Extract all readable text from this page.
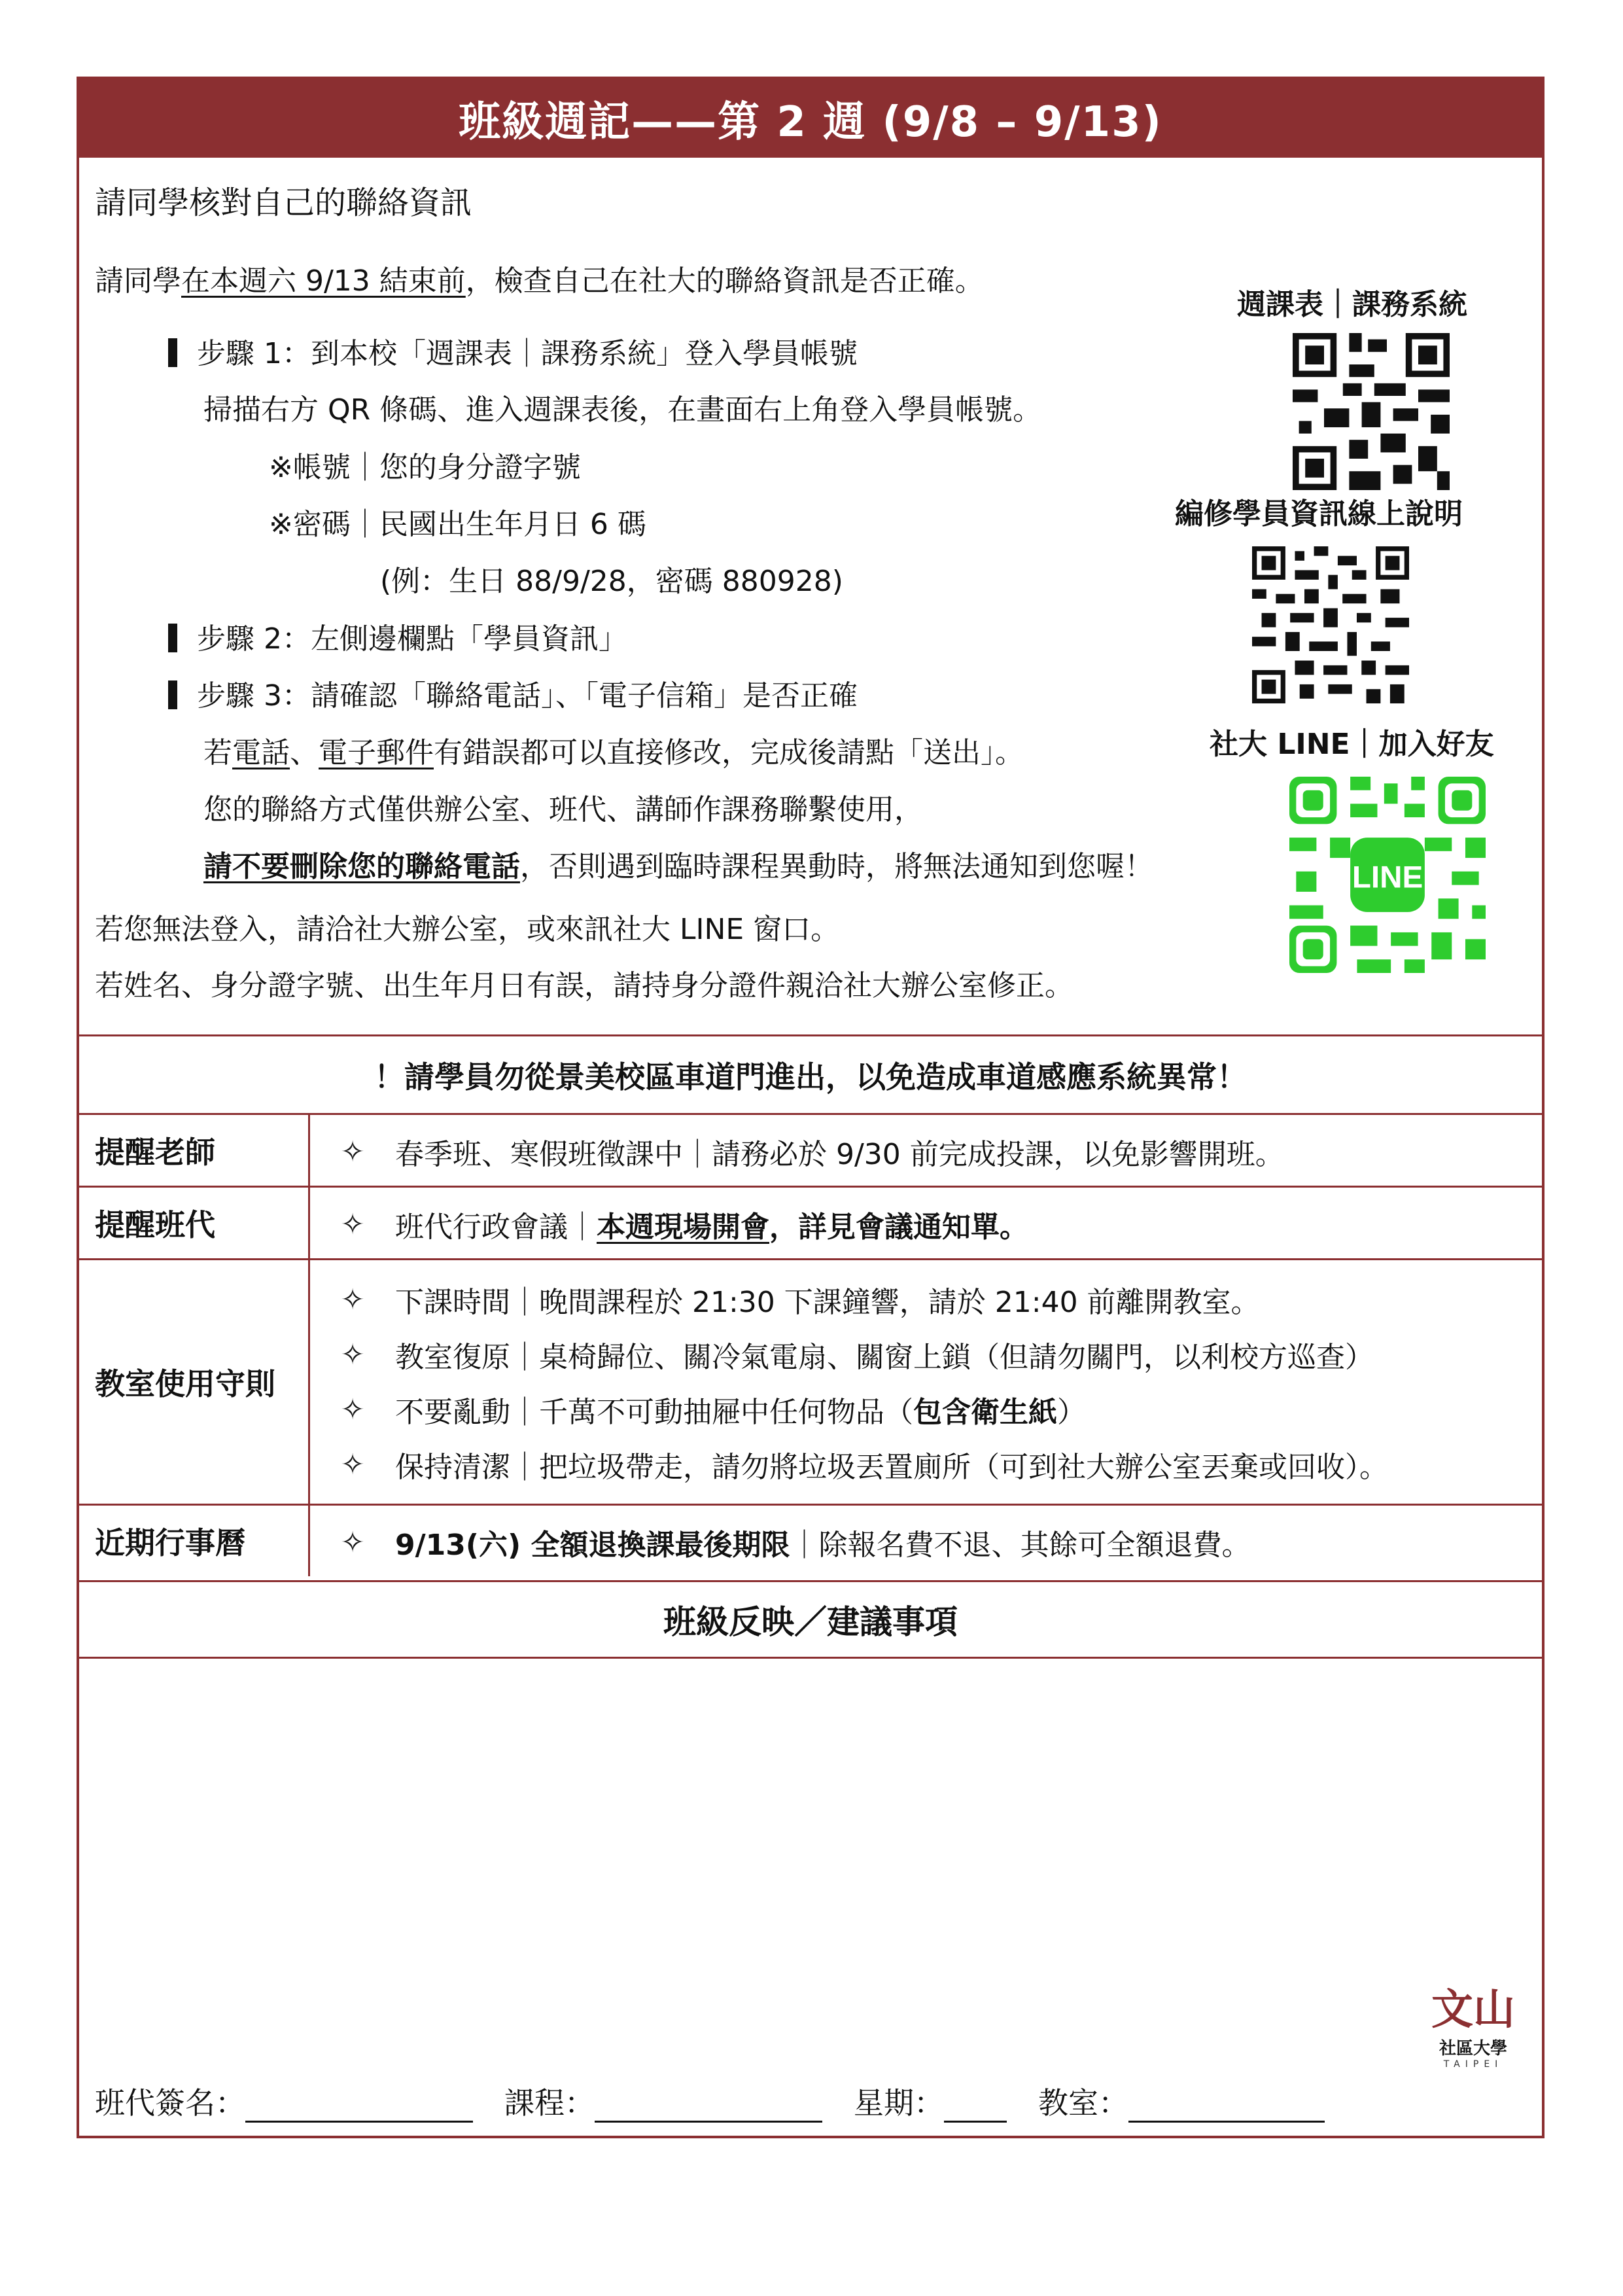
班級週記——第 2 週 (9/8 – 9/13)
請同學核對自己的聯絡資訊
請同學在本週六 9/13 結束前，檢查自己在社大的聯絡資訊是否正確。
步驟 1：到本校「週課表｜課務系統」登入學員帳號
掃描右方 QR 條碼、進入週課表後，在畫面右上角登入學員帳號。
※帳號｜您的身分證字號
※密碼｜民國出生年月日 6 碼
(例：生日 88/9/28，密碼 880928)
步驟 2：左側邊欄點「學員資訊」
步驟 3：請確認「聯絡電話」、「電子信箱」是否正確
若電話、電子郵件有錯誤都可以直接修改，完成後請點「送出」。
您的聯絡方式僅供辦公室、班代、講師作課務聯繫使用，
請不要刪除您的聯絡電話，否則遇到臨時課程異動時，將無法通知到您喔！
若您無法登入，請洽社大辦公室，或來訊社大 LINE 窗口。
若姓名、身分證字號、出生年月日有誤，請持身分證件親洽社大辦公室修正。
週課表｜課務系統
編修學員資訊線上說明
社大 LINE｜加入好友
LINE
！請學員勿從景美校區車道門進出，以免造成車道感應系統異常！
提醒老師	✧	春季班、寒假班徵課中｜請務必於 9/30 前完成投課，以免影響開班。
提醒班代	✧	班代行政會議｜ 本週現場開會 ，詳見會議通知單。
教室使用守則
✧	下課時間｜晚間課程於 21:30 下課鐘響，請於 21:40 前離開教室。
✧	教室復原｜桌椅歸位、關冷氣電扇、關窗上鎖（但請勿關門，以利校方巡查）
✧	不要亂動｜千萬不可動抽屜中任何物品（ 包含衛生紙 ）
✧	保持清潔｜把垃圾帶走，請勿將垃圾丟置廁所（可到社大辦公室丟棄或回收）。
近期行事曆	✧	9/13(六) 全額退換課最後期限 ｜除報名費不退、其餘可全額退費。
班級反映／建議事項
班代簽名：	課程：	星期：	教室：
文山
社區大學
TAIPEI
